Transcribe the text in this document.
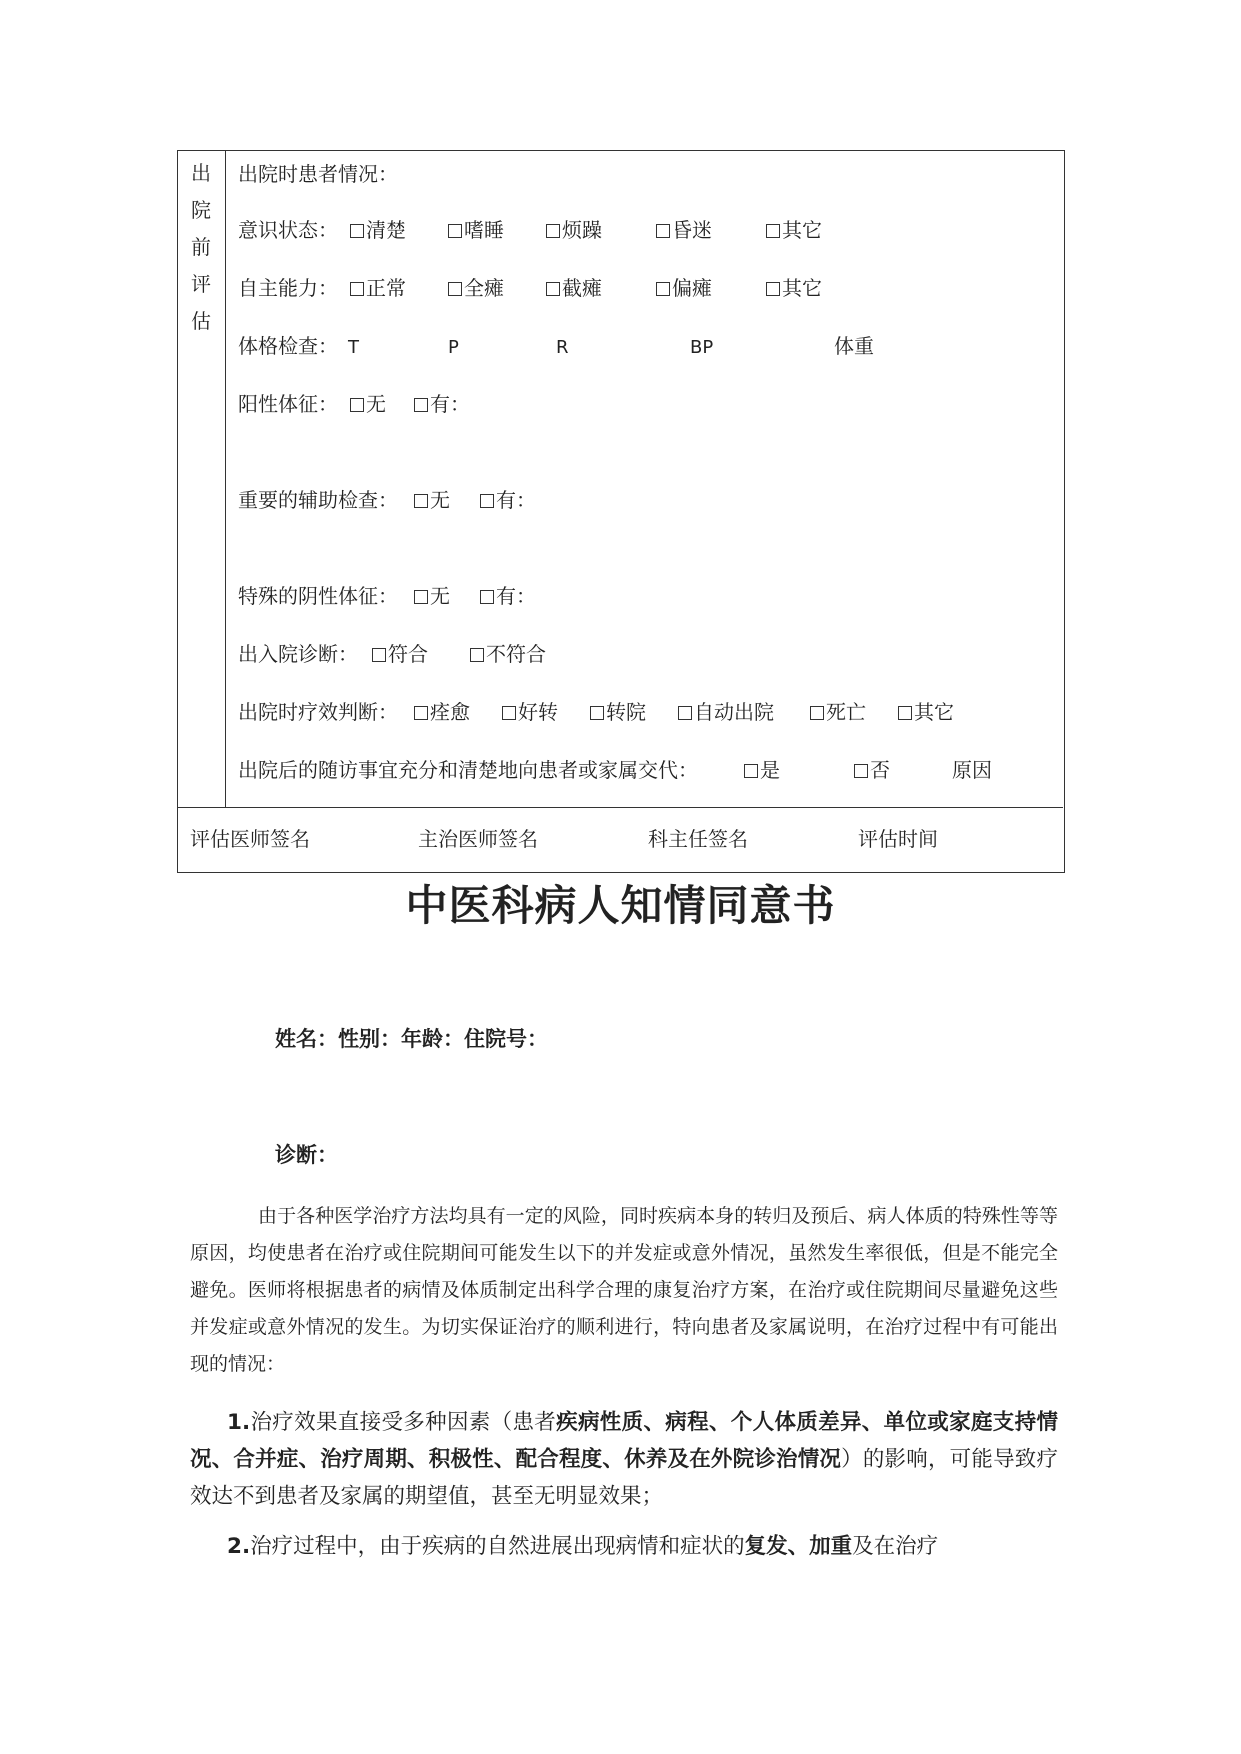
出
院
前
评
估
出院时患者情况：
意识状态：	清楚	嗜睡	烦躁	昏迷	其它
自主能力：	正常	全瘫	截瘫	偏瘫	其它
体格检查： T	P	R	BP	体重
阳性体征：	无	有：
重要的辅助检查：	无	有：
特殊的阴性体征：	无	有：
出入院诊断：	符合	不符合
出院时疗效判断：	痊愈	好转	转院	自动出院	死亡	其它
出院后的随访事宜充分和清楚地向患者或家属交代：	是	否	原因
评估医师签名	主治医师签名	科主任签名	评估时间
中医科病人知情同意书
姓名：性别：年龄：住院号：
诊断：
由于各种医学治疗方法均具有一定的风险，同时疾病本身的转归及预后、病人体质的特殊性等等原因，均使患者在治疗或住院期间可能发生以下的并发症或意外情况，虽然发生率很低，但是不能完全避免。医师将根据患者的病情及体质制定出科学合理的康复治疗方案，在治疗或住院期间尽量避免这些并发症或意外情况的发生。为切实保证治疗的顺利进行，特向患者及家属说明，在治疗过程中有可能出现的情况：
1.治疗效果直接受多种因素（患者疾病性质、病程、个人体质差异、单位或家庭支持情况、合并症、治疗周期、积极性、配合程度、休养及在外院诊治情况）的影响，可能导致疗效达不到患者及家属的期望值，甚至无明显效果；
2.治疗过程中，由于疾病的自然进展出现病情和症状的复发、加重及在治疗
